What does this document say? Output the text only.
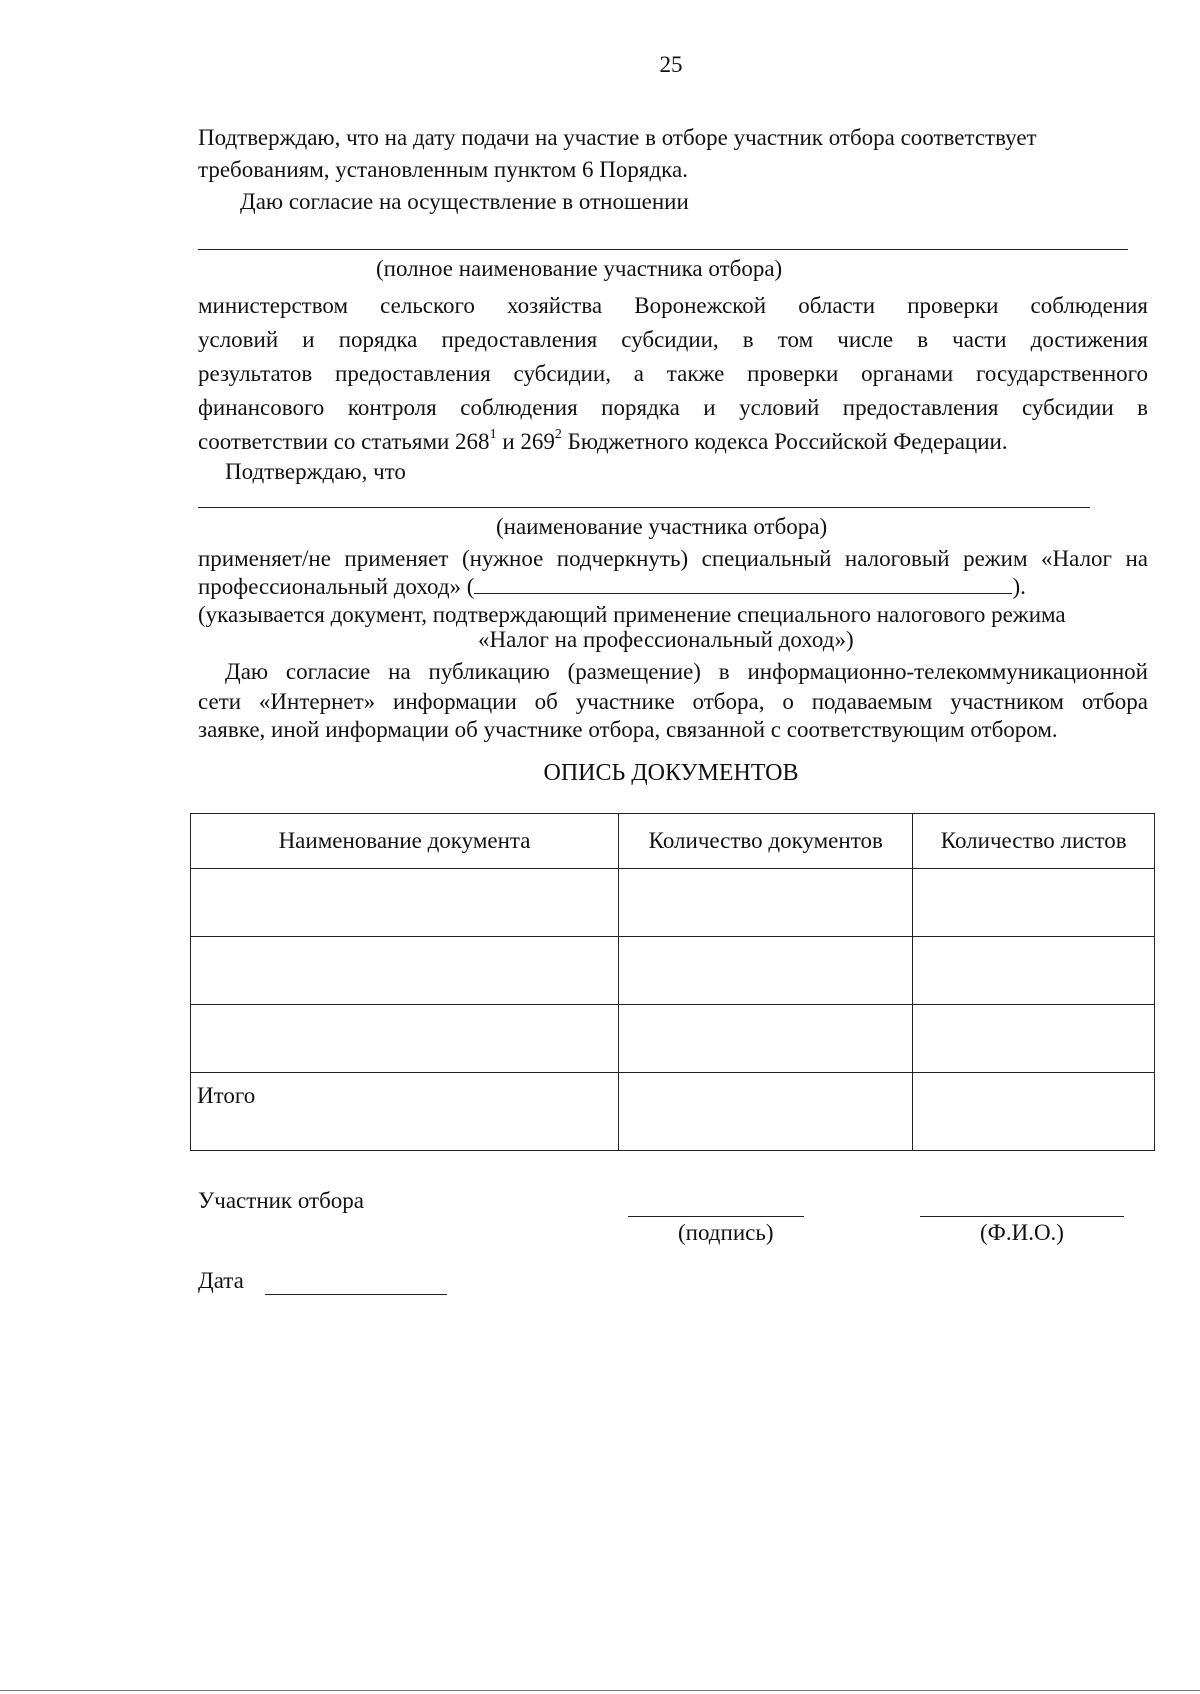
25
Подтверждаю, что на дату подачи на участие в отборе участник отбора соответствует
требованиям, установленным пунктом 6 Порядка.
Даю согласие на осуществление в отношении
(полное наименование участника отбора)
министерством сельского хозяйства Воронежской области проверки соблюдения
условий и порядка предоставления субсидии, в том числе в части достижения
результатов предоставления субсидии, а также проверки органами государственного
финансового контроля соблюдения порядка и условий предоставления субсидии в
соответствии со статьями $268^1$ и $269^2$ Бюджетного кодекса Российской Федерации.
Подтверждаю, что
(наименование участника отбора)
применяет/не применяет (нужное подчеркнуть) специальный налоговый режим «Налог на
профессиональный доход» (	).
(указывается документ, подтверждающий применение специального налогового режима
«Налог на профессиональный доход»)
Даю согласие на публикацию (размещение) в информационно-телекоммуникационной
сети «Интернет» информации об участнике отбора, о подаваемым участником отбора
заявке, иной информации об участнике отбора, связанной с соответствующим отбором.
ОПИСЬ ДОКУМЕНТОВ
Наименование документа	Количество документов	Количество листов

Итого		
Участник отбора
(подпись)	(Ф.И.О.)
Дата
